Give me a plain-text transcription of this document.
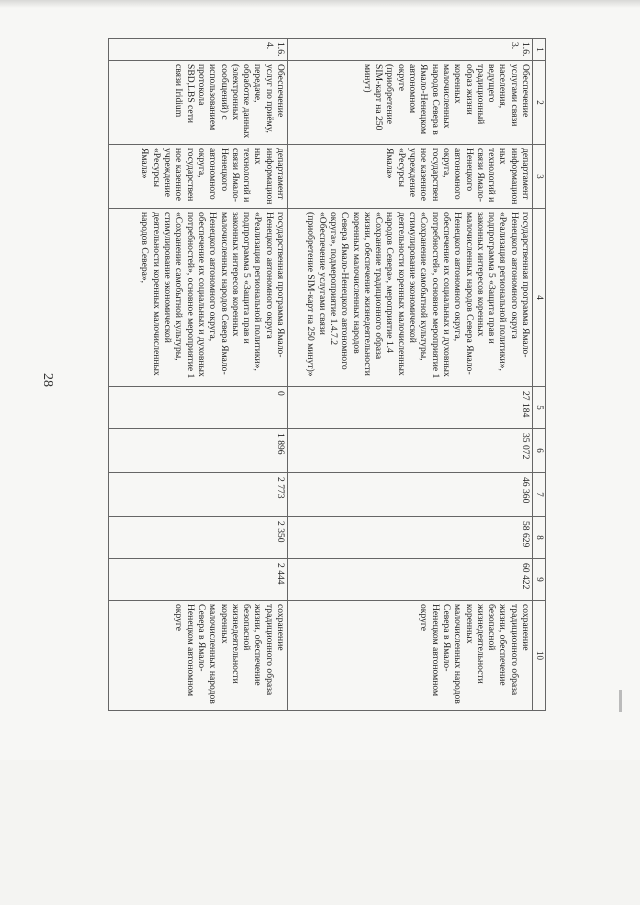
28
1	2	3	4	5	6	7	8	9	10
1.6.3.	Обеспечение услугами связи населения, ведущего традиционный образ жизни коренных малочисленных народов Севера в Ямало-Ненецком автономном округе (приобретение SIM-карт на 250 минут)	департамент информационных технологий и связи Ямало-Ненецкого автономного округа, государственное казенное учреждение «Ресурсы Ямала»	государственная программа Ямало-Ненецкого автономного округа «Реализация региональной политики», подпрограмма 5 «Защита прав и законных интересов коренных малочисленных народов Севера Ямало-Ненецкого автономного округа, обеспечение их социальных и духовных потребностей», основное мероприятие 1 «Сохранение самобытной культуры, стимулирование экономической деятельности коренных малочисленных народов Севера», мероприятие 1.4 «Сохранение традиционного образа жизни, обеспечение жизнедеятельности коренных малочисленных народов Севера Ямало-Ненецкого автономного округа», подмероприятие 1.4.7.2 «Обеспечение услугами связи (приобретение SIM-карт на 250 минут)»	27 184	35 072	46 360	58 629	60 422	сохранение традиционного образа жизни, обеспечение безопасной жизнедеятельности коренных малочисленных народов Севера в Ямало-Ненецком автономном округе
1.6.4.	Обеспечение услуг по приёму, передаче, обработке данных (электронных сообщений) с использованием протокола SBD,LBS сети связи Iridium	департамент информационных технологий и связи Ямало-Ненецкого автономного округа, государственное казенное учреждение «Ресурсы Ямала»	государственная программа Ямало-Ненецкого автономного округа «Реализация региональной политики», подпрограмма 5 «Защита прав и законных интересов коренных малочисленных народов Севера Ямало-Ненецкого автономного округа, обеспечение их социальных и духовных потребностей», основное мероприятие 1 «Сохранение самобытной культуры, стимулирование экономической деятельности коренных малочисленных народов Севера»,	0	1 896	2 773	2 350	2 444	сохранение традиционного образа жизни, обеспечение безопасной жизнедеятельности коренных малочисленных народов Севера в Ямало-Ненецком автономном округе
